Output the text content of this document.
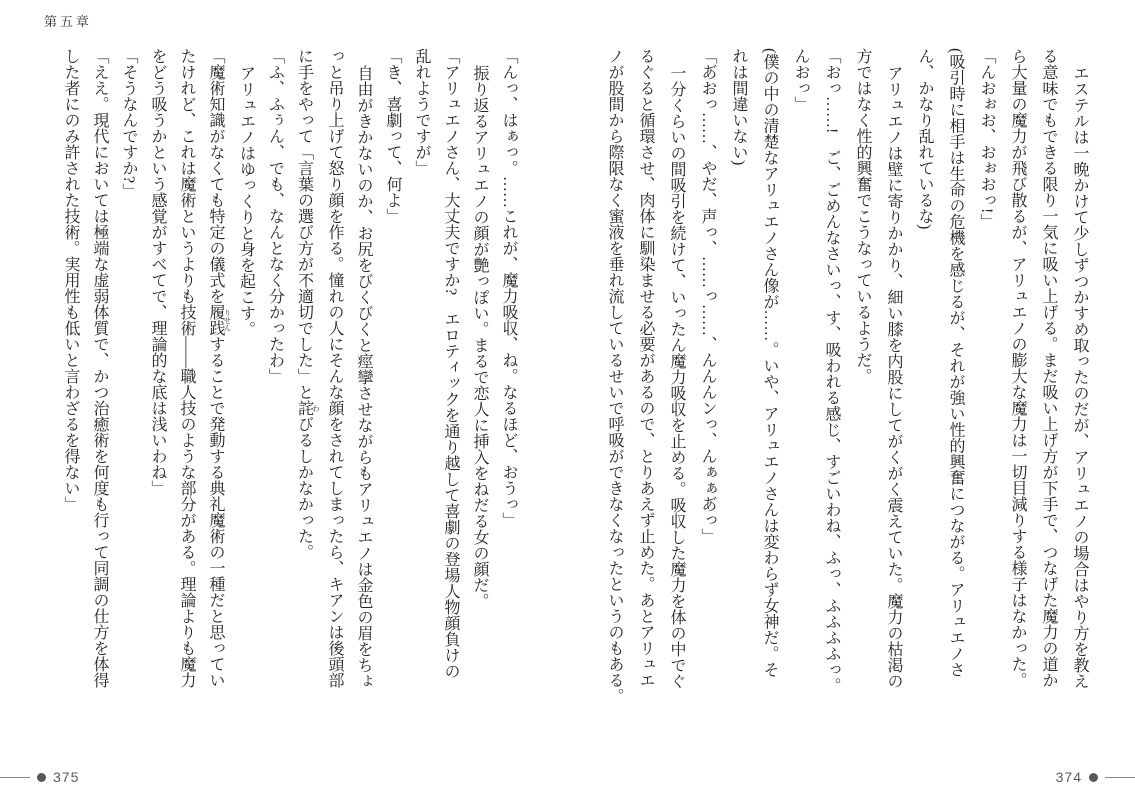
第五章
エステルは一晩かけて少しずつかすめ取ったのだが、アリュエノの場合はやり方を教え
る意味でもできる限り一気に吸い上げる。まだ吸い上げ方が下手で、つなげた魔力の道か
ら大量の魔力が飛び散るが、アリュエノの膨大な魔力は一切目減りする様子はなかった。
「んおぉお、おぉおっ!」
(吸引時に相手は生命の危機を感じるが、それが強い性的興奮につながる。アリュエノさ
ん、かなり乱れているな)
アリュエノは壁に寄りかかり、細い膝を内股にしてがくがく震えていた。魔力の枯渇の
方ではなく性的興奮でこうなっているようだ。
「おっ……!　ご、ごめんなさいっ、す、吸われる感じ、すごいわね、ふっ、ふふふふっ。
んおっ」
(僕の中の清楚なアリュエノさん像が……。いや、アリュエノさんは変わらず女神だ。そ
れは間違いない)
「あ゙おっ……、やだ、声っ、……っ……、んんんンっ、んぁぁあ゙っ」
一分くらいの間吸引を続けて、いったん魔力吸収を止める。吸収した魔力を体の中でぐ
るぐると循環させ、肉体に馴染ませる必要があるので、とりあえず止めた。あとアリュエ
ノが股間から際限なく蜜液を垂れ流しているせいで呼吸ができなくなったというのもある。
「んっ、はぁっ。……これが、魔力吸収、ね。なるほど、おうっ」
振り返るアリュエノの顔が艶っぽい。まるで恋人に挿入をねだる女の顔だ。
「アリュエノさん、大丈夫ですか?　エロティックを通り越して喜劇の登場人物顔負けの
乱れようですが」
「き、喜劇って、何よ」
自由がきかないのか、お尻をびくびくと痙攣させながらもアリュエノは金色の眉をちょ
っと吊り上げて怒り顔を作る。憧れの人にそんな顔をされてしまったら、キアンは後頭部
に手をやって「言葉の選び方が不適切でした」と詫 わびるしかなかった。
「ふ、ふぅん、でも、なんとなく分かったわ」
アリュエノはゆっくりと身を起こす。
「魔術知識がなくても特定の儀式を履践 りせんすることで発動する典礼魔術の一種だと思ってい
たけれど、これは魔術というよりも技術――職人技のような部分がある。理論よりも魔力
をどう吸うかという感覚がすべてで、理論的な底は浅いわね」
「そうなんですか?」
「ええ。現代においては極端な虚弱体質で、かつ治癒術を何度も行って同調の仕方を体得
した者にのみ許された技術。実用性も低いと言わざるを得ない」
374
375
